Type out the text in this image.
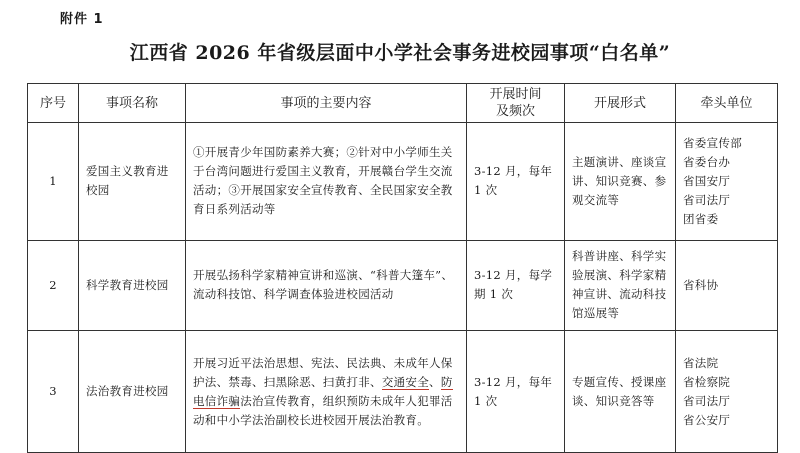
附件 1
江西省 2026 年省级层面中小学社会事务进校园事项“白名单”
序号	事项名称	事项的主要内容	开展时间
及频次	开展形式	牵头单位
1	爱国主义教育进校园	①开展青少年国防素养大赛；②针对中小学师生关于台湾问题进行爱国主义教育，开展赣台学生交流活动；③开展国家安全宣传教育、全民国家安全教育日系列活动等	3-12 月，每年 1 次	主题演讲、座谈宣讲、知识竞赛、参观交流等	省委宣传部
省委台办
省国安厅
省司法厅
团省委

2	科学教育进校园	开展弘扬科学家精神宣讲和巡演、“科普大篷车”、流动科技馆、科学调查体验进校园活动	3-12 月，每学期 1 次	科普讲座、科学实验展演、科学家精神宣讲、流动科技馆巡展等	省科协

3	法治教育进校园	开展习近平法治思想、宪法、民法典、未成年人保护法、禁毒、扫黑除恶、扫黄打非、交通安全、防电信诈骗法治宣传教育，组织预防未成年人犯罪活动和中小学法治副校长进校园开展法治教育。	3-12 月，每年 1 次	专题宣传、授课座谈、知识竞答等	省法院
省检察院
省司法厅
省公安厅
